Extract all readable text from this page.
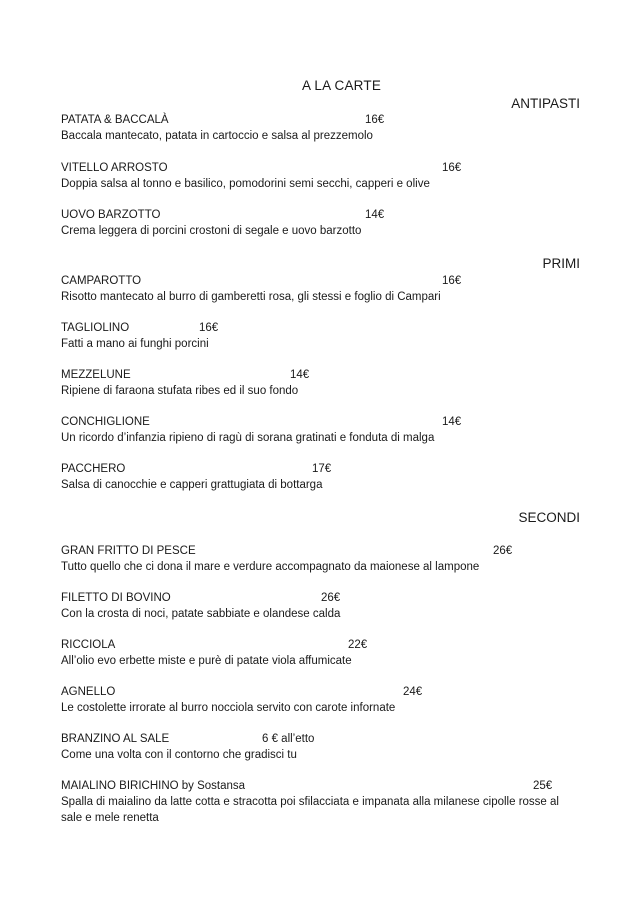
A LA CARTE
ANTIPASTI
PATATA & BACCALÀ	16€
Baccala mantecato, patata in cartoccio e salsa al prezzemolo
VITELLO ARROSTO	16€
Doppia salsa al tonno e basilico, pomodorini semi secchi, capperi e olive
UOVO BARZOTTO	14€
Crema leggera di porcini crostoni di segale e uovo barzotto
PRIMI
CAMPAROTTO	16€
Risotto mantecato al burro di gamberetti rosa, gli stessi e foglio di Campari
TAGLIOLINO	16€
Fatti a mano ai funghi porcini
MEZZELUNE	14€
Ripiene di faraona stufata ribes ed il suo fondo
CONCHIGLIONE	14€
Un ricordo d’infanzia ripieno di ragù di sorana gratinati e fonduta di malga
PACCHERO	17€
Salsa di canocchie e capperi grattugiata di bottarga
SECONDI
GRAN FRITTO DI PESCE	26€
Tutto quello che ci dona il mare e verdure accompagnato da maionese al lampone
FILETTO DI BOVINO	26€
Con la crosta di noci, patate sabbiate e olandese calda
RICCIOLA	22€
All’olio evo erbette miste e purè di patate viola affumicate
AGNELLO	24€
Le costolette irrorate al burro nocciola servito con carote infornate
BRANZINO AL SALE	6 € all’etto
Come una volta con il contorno che gradisci tu
MAIALINO BIRICHINO by Sostansa	25€
Spalla di maialino da latte cotta e stracotta poi sfilacciata e impanata alla milanese cipolle rosse al sale e mele renetta
